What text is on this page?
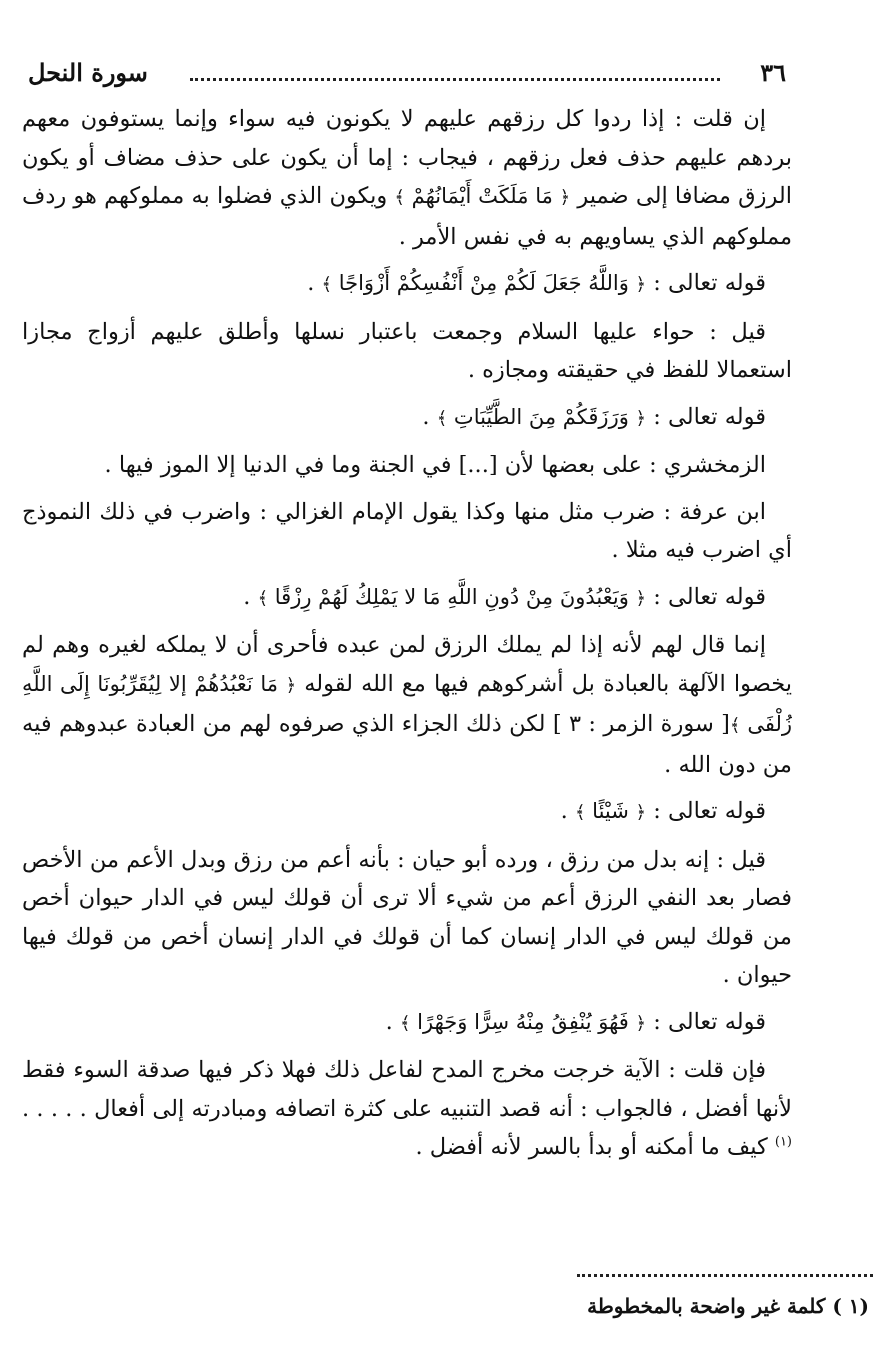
٣٦
سورة النحل

إن قلت : إذا ردوا كل رزقهم عليهم لا يكونون فيه سواء وإنما يستوفون معهم بردهم عليهم حذف فعل رزقهم ، فيجاب : إما أن يكون على حذف مضاف أو يكون الرزق مضافا إلى ضمير ﴿ مَا مَلَكَتْ أَيْمَانُهُمْ ﴾ ويكون الذي فضلوا به مملوكهم هو ردف مملوكهم الذي يساويهم به في نفس الأمر .

قوله تعالى : ﴿ وَاللَّهُ جَعَلَ لَكُمْ مِنْ أَنْفُسِكُمْ أَزْوَاجًا ﴾ .

قيل : حواء عليها السلام وجمعت باعتبار نسلها وأطلق عليهم أزواج مجازا استعمالا للفظ في حقيقته ومجازه .

قوله تعالى : ﴿ وَرَزَقَكُمْ مِنَ الطَّيِّبَاتِ ﴾ .

الزمخشري : على بعضها لأن [...] في الجنة وما في الدنيا إلا الموز فيها .

ابن عرفة : ضرب مثل منها وكذا يقول الإمام الغزالي : واضرب في ذلك النموذج أي اضرب فيه مثلا .

قوله تعالى : ﴿ وَيَعْبُدُونَ مِنْ دُونِ اللَّهِ مَا لا يَمْلِكُ لَهُمْ رِزْقًا ﴾ .

إنما قال لهم لأنه إذا لم يملك الرزق لمن عبده فأحرى أن لا يملكه لغيره وهم لم يخصوا الآلهة بالعبادة بل أشركوهم فيها مع الله لقوله ﴿ مَا نَعْبُدُهُمْ إلا لِيُقَرِّبُونَا إِلَى اللَّهِ زُلْفَى ﴾[ سورة الزمر : ٣ ] لكن ذلك الجزاء الذي صرفوه لهم من العبادة عبدوهم فيه من دون الله .

قوله تعالى : ﴿ شَيْئًا ﴾ .

قيل : إنه بدل من رزق ، ورده أبو حيان : بأنه أعم من رزق وبدل الأعم من الأخص فصار بعد النفي الرزق أعم من شيء ألا ترى أن قولك ليس في الدار حيوان أخص من قولك ليس في الدار إنسان كما أن قولك في الدار إنسان أخص من قولك فيها حيوان .

قوله تعالى : ﴿ فَهُوَ يُنْفِقُ مِنْهُ سِرًّا وَجَهْرًا ﴾ .

فإن قلت : الآية خرجت مخرج المدح لفاعل ذلك فهلا ذكر فيها صدقة السوء فقط لأنها أفضل ، فالجواب : أنه قصد التنبيه على كثرة اتصافه ومبادرته إلى أفعال . . . . .$^{(١)}$ كيف ما أمكنه أو بدأ بالسر لأنه أفضل .

(١ ) كلمة غير واضحة بالمخطوطة
